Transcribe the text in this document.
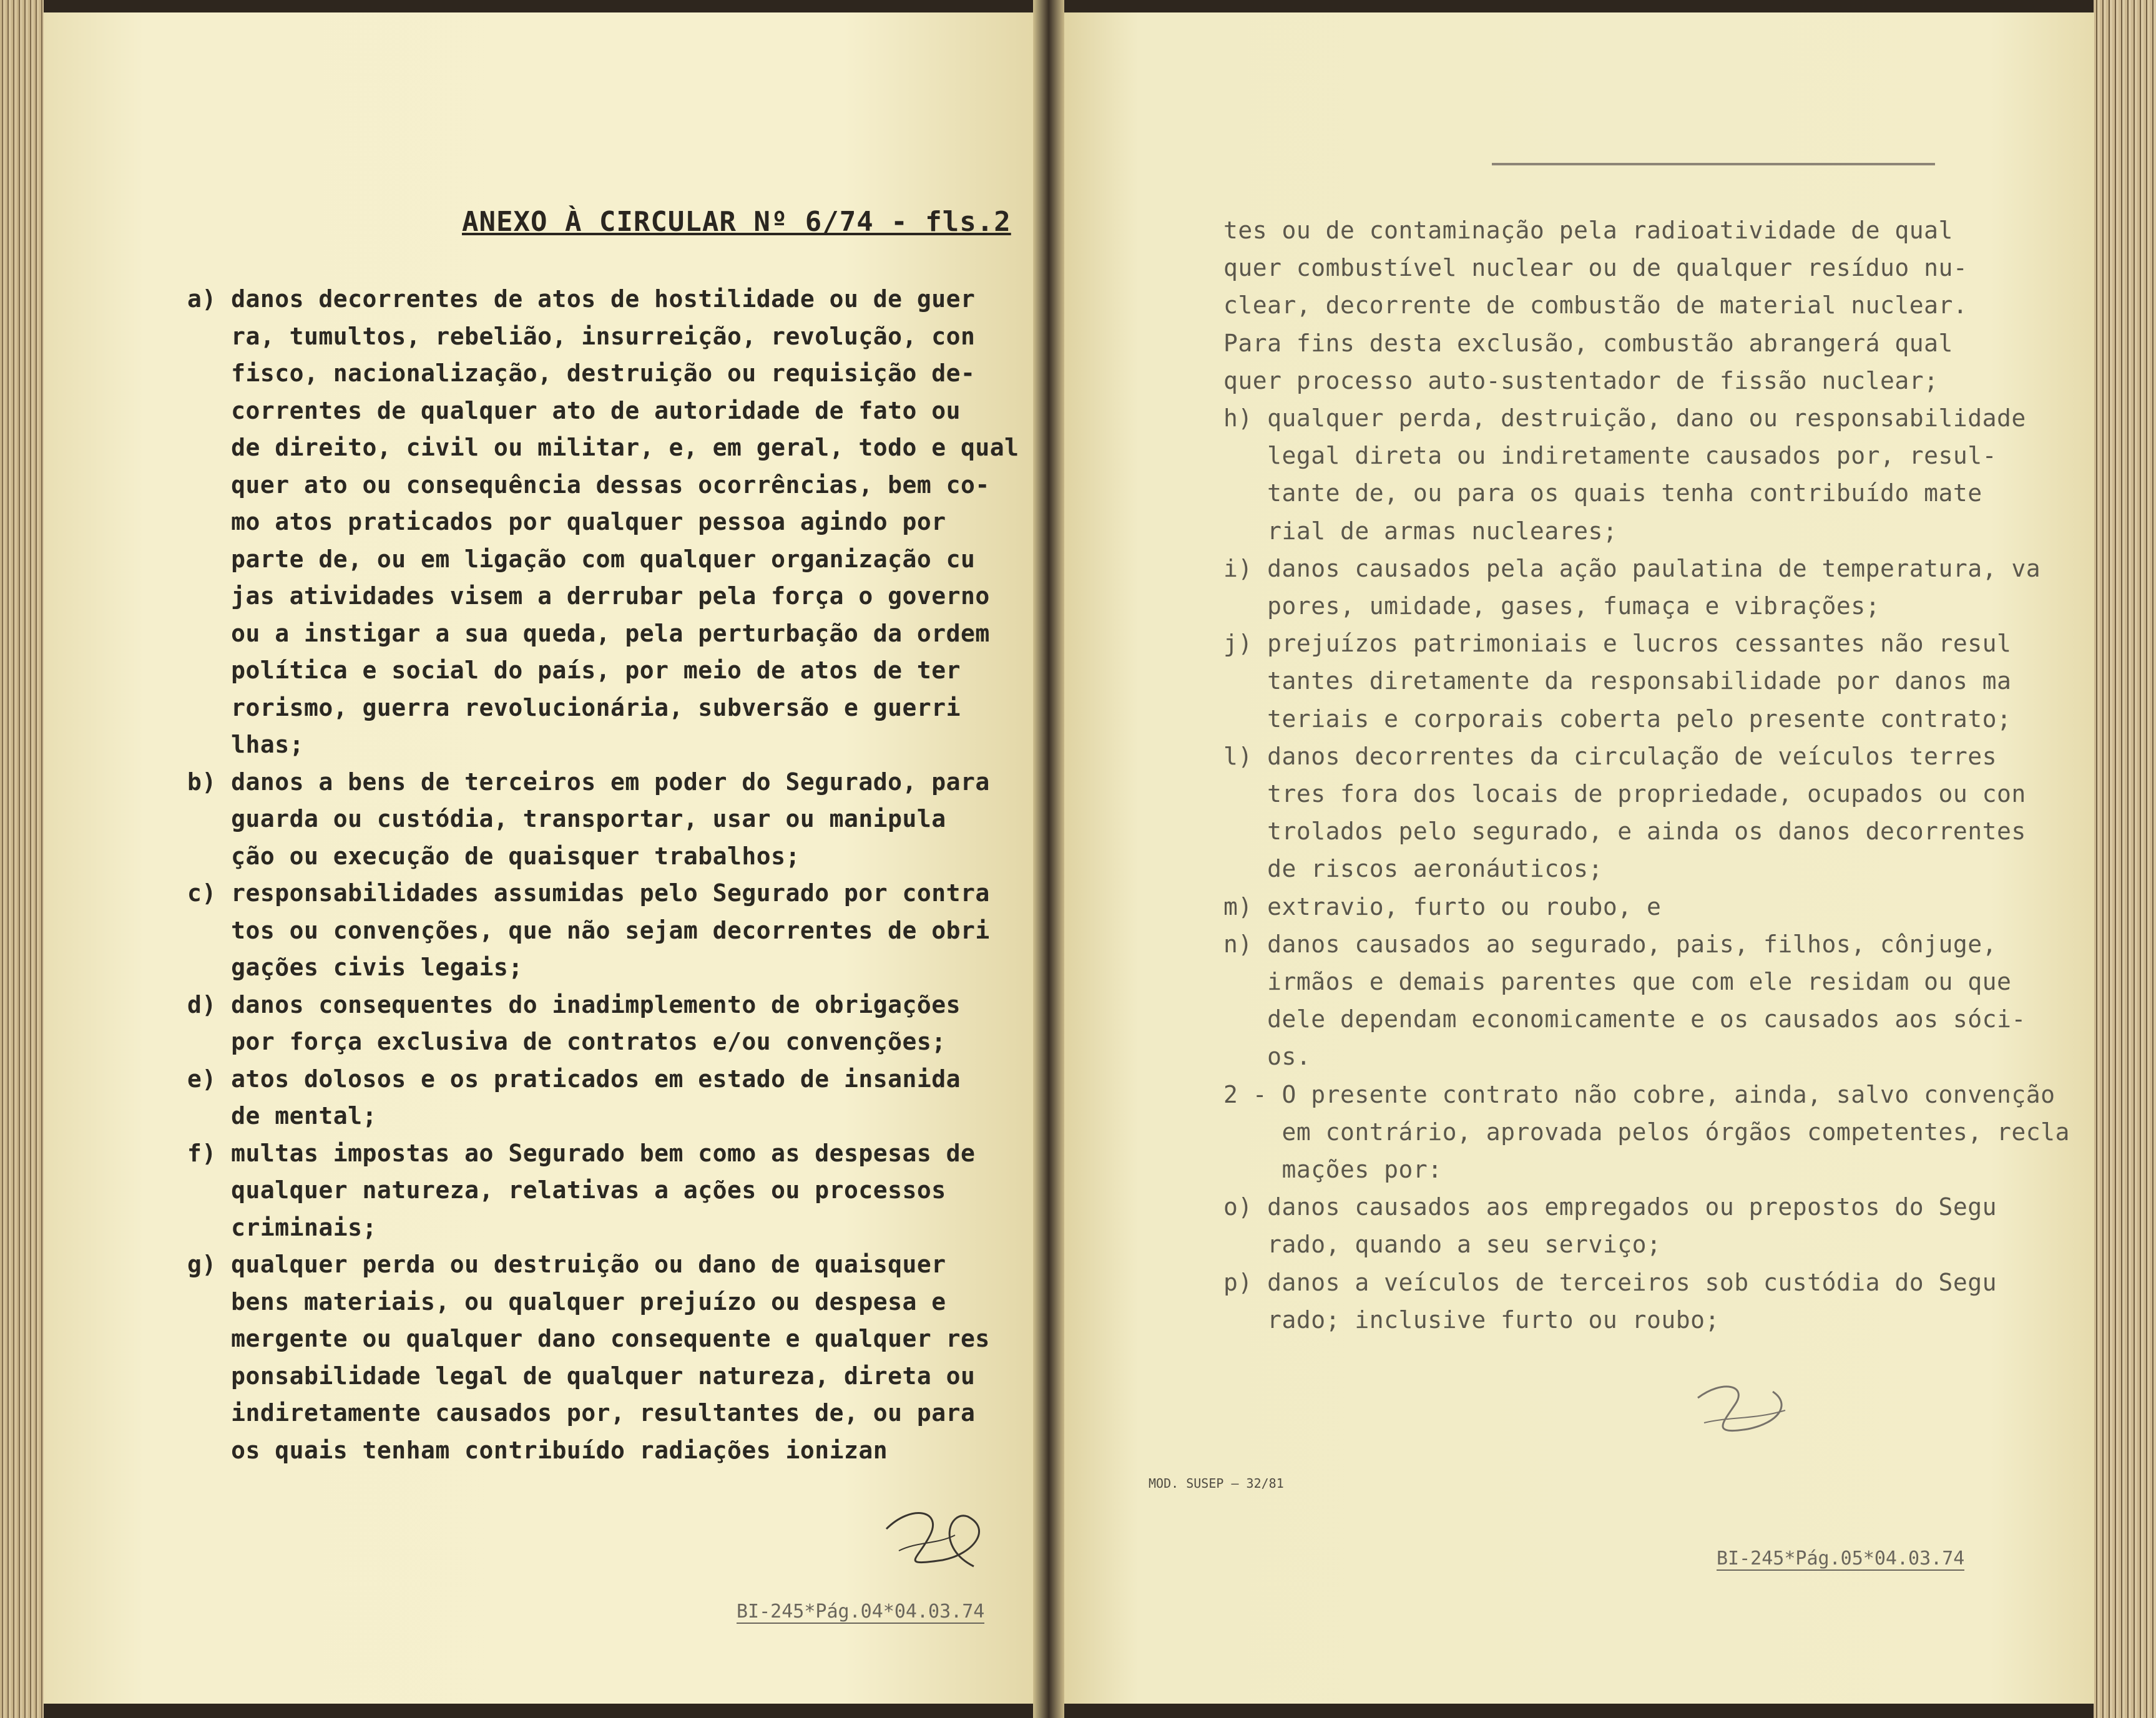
ANEXO À CIRCULAR Nº 6/74 - fls.2
a) danos decorrentes de atos de hostilidade ou de guer
ra, tumultos, rebelião, insurreição, revolução, con
fisco, nacionalização, destruição ou requisição de-
correntes de qualquer ato de autoridade de fato ou
de direito, civil ou militar, e, em geral, todo e qual
quer ato ou consequência dessas ocorrências, bem co-
mo atos praticados por qualquer pessoa agindo por
parte de, ou em ligação com qualquer organização cu
jas atividades visem a derrubar pela força o governo
ou a instigar a sua queda, pela perturbação da ordem
política e social do país, por meio de atos de ter
rorismo, guerra revolucionária, subversão e guerri
lhas;
b) danos a bens de terceiros em poder do Segurado, para
guarda ou custódia, transportar, usar ou manipula
ção ou execução de quaisquer trabalhos;
c) responsabilidades assumidas pelo Segurado por contra
tos ou convenções, que não sejam decorrentes de obri
gações civis legais;
d) danos consequentes do inadimplemento de obrigações
por força exclusiva de contratos e/ou convenções;
e) atos dolosos e os praticados em estado de insanida
de mental;
f) multas impostas ao Segurado bem como as despesas de
qualquer natureza, relativas a ações ou processos
criminais;
g) qualquer perda ou destruição ou dano de quaisquer
bens materiais, ou qualquer prejuízo ou despesa e
mergente ou qualquer dano consequente e qualquer res
ponsabilidade legal de qualquer natureza, direta ou
indiretamente causados por, resultantes de, ou para
os quais tenham contribuído radiações ionizan
tes ou de contaminação pela radioatividade de qual
quer combustível nuclear ou de qualquer resíduo nu-
clear, decorrente de combustão de material nuclear.
Para fins desta exclusão, combustão abrangerá qual
quer processo auto-sustentador de fissão nuclear;
h) qualquer perda, destruição, dano ou responsabilidade
legal direta ou indiretamente causados por, resul-
tante de, ou para os quais tenha contribuído mate
rial de armas nucleares;
i) danos causados pela ação paulatina de temperatura, va
pores, umidade, gases, fumaça e vibrações;
j) prejuízos patrimoniais e lucros cessantes não resul
tantes diretamente da responsabilidade por danos ma
teriais e corporais coberta pelo presente contrato;
l) danos decorrentes da circulação de veículos terres
tres fora dos locais de propriedade, ocupados ou con
trolados pelo segurado, e ainda os danos decorrentes
de riscos aeronáuticos;
m) extravio, furto ou roubo, e
n) danos causados ao segurado, pais, filhos, cônjuge,
irmãos e demais parentes que com ele residam ou que
dele dependam economicamente e os causados aos sóci-
os.
2 - O presente contrato não cobre, ainda, salvo convenção
em contrário, aprovada pelos órgãos competentes, recla
mações por:
o) danos causados aos empregados ou prepostos do Segu
rado, quando a seu serviço;
p) danos a veículos de terceiros sob custódia do Segu
rado; inclusive furto ou roubo;
BI-245*Pág.04*04.03.74
BI-245*Pág.05*04.03.74
MOD. SUSEP — 32/81
